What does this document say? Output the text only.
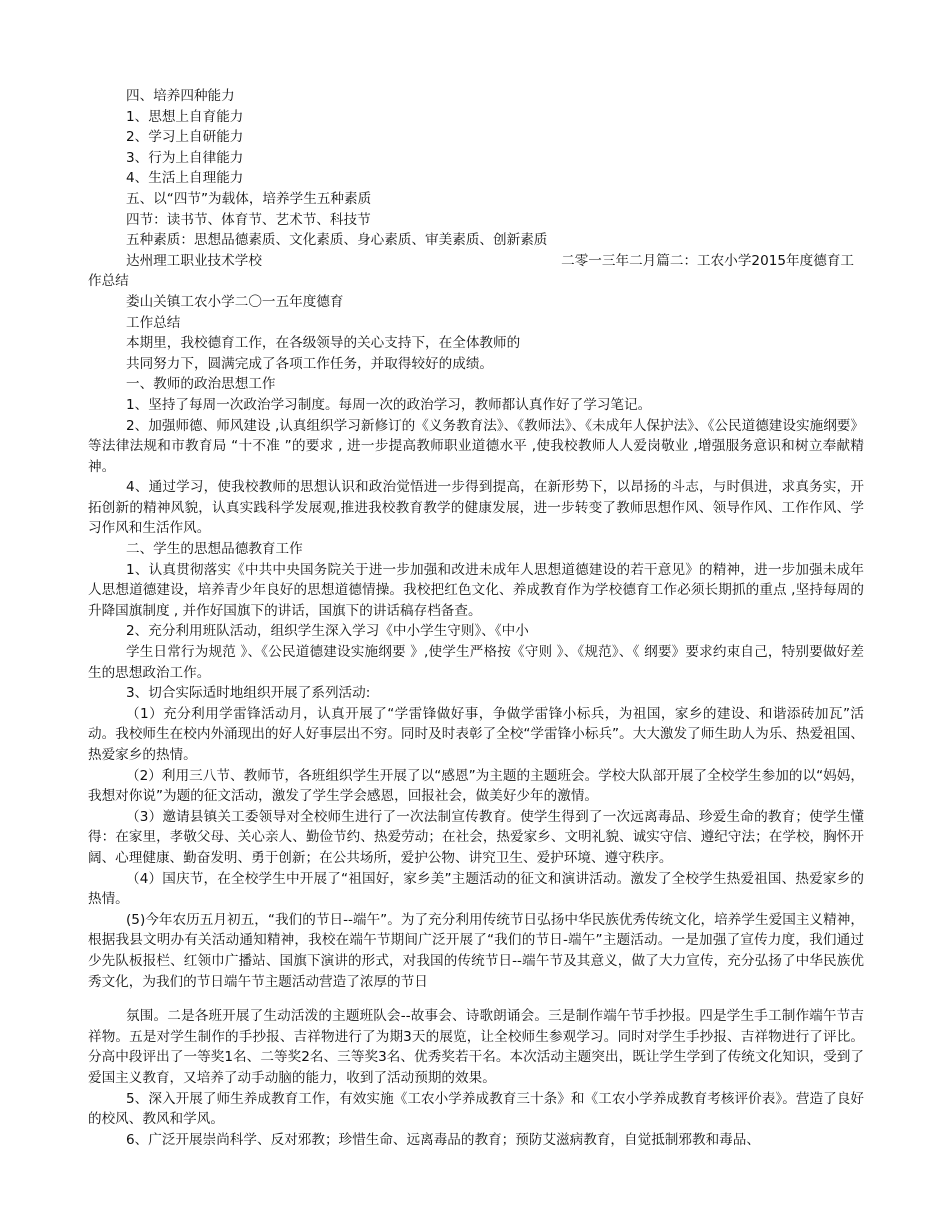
四、培养四种能力

1、思想上自育能力

2、学习上自研能力

3、行为上自律能力

4、生活上自理能力

五、以“四节”为载体，培养学生五种素质

四节：读书节、体育节、艺术节、科技节

五种素质：思想品德素质、文化素质、身心素质、审美素质、创新素质

达州理工职业技术学校	二零一三年二月篇二：工农小学2015年度德育工

作总结

娄山关镇工农小学二〇一五年度德育

工作总结

本期里，我校德育工作，在各级领导的关心支持下，在全体教师的

共同努力下，圆满完成了各项工作任务，并取得较好的成绩。

一、教师的政治思想工作

1、坚持了每周一次政治学习制度。每周一次的政治学习，教师都认真作好了学习笔记。

2、加强师德、师风建设 ,认真组织学习新修订的《义务教育法》、《教师法》、《未成年人保护法》、《公民道德建设实施纲要》等法律法规和市教育局 “十不准 ”的要求 , 进一步提高教师职业道德水平 ,使我校教师人人爱岗敬业 ,增强服务意识和树立奉献精神。

4、通过学习，使我校教师的思想认识和政治觉悟进一步得到提高，在新形势下，以昂扬的斗志，与时俱进，求真务实，开拓创新的精神风貌，认真实践科学发展观,推进我校教育教学的健康发展，进一步转变了教师思想作风、领导作风、工作作风、学习作风和生活作风。

二、学生的思想品德教育工作

1、认真贯彻落实《中共中央国务院关于进一步加强和改进未成年人思想道德建设的若干意见》的精神，进一步加强未成年人思想道德建设，培养青少年良好的思想道德情操。我校把红色文化、养成教育作为学校德育工作必须长期抓的重点 ,坚持每周的升降国旗制度 , 并作好国旗下的讲话，国旗下的讲话稿存档备查。

2、充分利用班队活动，组织学生深入学习《中小学生守则》、《中小

学生日常行为规范 》、《公民道德建设实施纲要 》,使学生严格按《守则 》、《规范》、《 纲要》要求约束自己，特别要做好差生的思想政治工作。

3、切合实际适时地组织开展了系列活动:

（1）充分利用学雷锋活动月，认真开展了“学雷锋做好事，争做学雷锋小标兵，为祖国，家乡的建设、和谐添砖加瓦”活动。我校师生在校内外涌现出的好人好事层出不穷。同时及时表彰了全校“学雷锋小标兵”。大大激发了师生助人为乐、热爱祖国、热爱家乡的热情。

（2）利用三八节、教师节，各班组织学生开展了以“感恩”为主题的主题班会。学校大队部开展了全校学生参加的以“妈妈，我想对你说”为题的征文活动，激发了学生学会感恩，回报社会，做美好少年的激情。

（3）邀请县镇关工委领导对全校师生进行了一次法制宣传教育。使学生得到了一次远离毒品、珍爱生命的教育；使学生懂得：在家里，孝敬父母、关心亲人、勤俭节约、热爱劳动；在社会，热爱家乡、文明礼貌、诚实守信、遵纪守法；在学校，胸怀开阔、心理健康、勤奋发明、勇于创新；在公共场所，爱护公物、讲究卫生、爱护环境、遵守秩序。

（4）国庆节，在全校学生中开展了“祖国好，家乡美”主题活动的征文和演讲活动。激发了全校学生热爱祖国、热爱家乡的热情。

(5)今年农历五月初五，“我们的节日--端午”。为了充分利用传统节日弘扬中华民族优秀传统文化，培养学生爱国主义精神，根据我县文明办有关活动通知精神，我校在端午节期间广泛开展了“我们的节日-端午”主题活动。一是加强了宣传力度，我们通过少先队板报栏、红领巾广播站、国旗下演讲的形式，对我国的传统节日--端午节及其意义，做了大力宣传，充分弘扬了中华民族优秀文化，为我们的节日端午节主题活动营造了浓厚的节日

氛围。二是各班开展了生动活泼的主题班队会--故事会、诗歌朗诵会。三是制作端午节手抄报。四是学生手工制作端午节吉祥物。五是对学生制作的手抄报、吉祥物进行了为期3天的展览，让全校师生参观学习。同时对学生手抄报、吉祥物进行了评比。分高中段评出了一等奖1名、二等奖2名、三等奖3名、优秀奖若干名。本次活动主题突出，既让学生学到了传统文化知识，受到了爱国主义教育，又培养了动手动脑的能力，收到了活动预期的效果。

5、深入开展了师生养成教育工作，有效实施《工农小学养成教育三十条》和《工农小学养成教育考核评价表》。营造了良好的校风、教风和学风。

6、广泛开展崇尚科学、反对邪教；珍惜生命、远离毒品的教育；预防艾滋病教育，自觉抵制邪教和毒品、
